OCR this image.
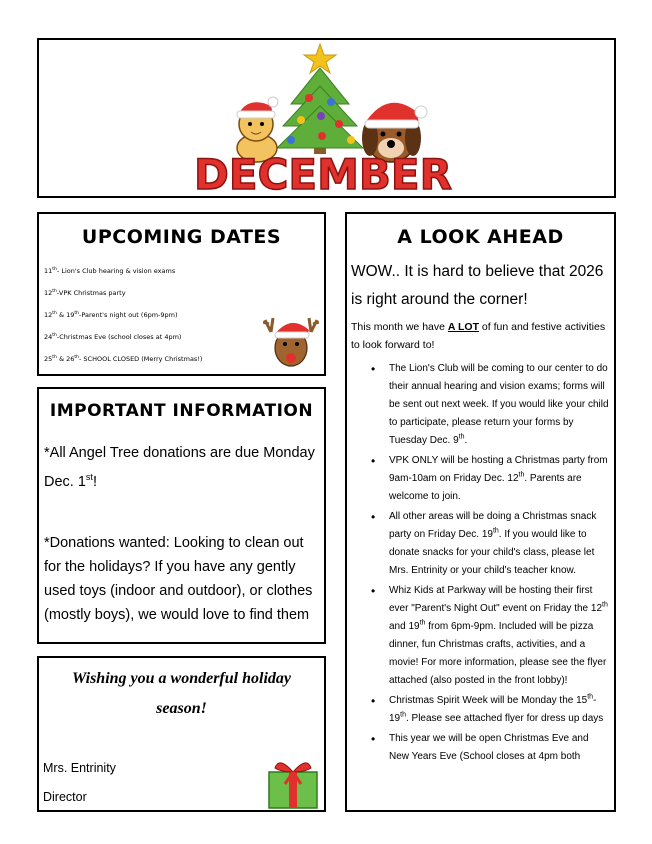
DECEMBER
UPCOMING DATES
11th- Lion's Club hearing & vision exams
12th-VPK Christmas party
12th & 19th-Parent's night out (6pm-9pm)
24th-Christmas Eve (school closes at 4pm)
25th & 26th- SCHOOL CLOSED (Merry Christmas!)
IMPORTANT INFORMATION

*All Angel Tree donations are due Monday Dec. 1st!

*Donations wanted: Looking to clean out for the holidays? If you have any gently used toys (indoor and outdoor), or clothes (mostly boys), we would love to find them

Wishing you a wonderful holiday season!
Mrs. Entrinity
Director
A LOOK AHEAD

WOW.. It is hard to believe that 2026 is right around the corner!

This month we have A LOT of fun and festive activities to look forward to!

• The Lion's Club will be coming to our center to do their annual hearing and vision exams; forms will be sent out next week. If you would like your child to participate, please return your forms by Tuesday Dec. 9th.
• VPK ONLY will be hosting a Christmas party from 9am-10am on Friday Dec. 12th. Parents are welcome to join.
• All other areas will be doing a Christmas snack party on Friday Dec. 19th. If you would like to donate snacks for your child's class, please let Mrs. Entrinity or your child's teacher know.
• Whiz Kids at Parkway will be hosting their first ever "Parent's Night Out" event on Friday the 12th and 19th from 6pm-9pm. Included will be pizza dinner, fun Christmas crafts, activities, and a movie! For more information, please see the flyer attached (also posted in the front lobby)!
• Christmas Spirit Week will be Monday the 15th-19th. Please see attached flyer for dress up days
• This year we will be open Christmas Eve and New Years Eve (School closes at 4pm both
